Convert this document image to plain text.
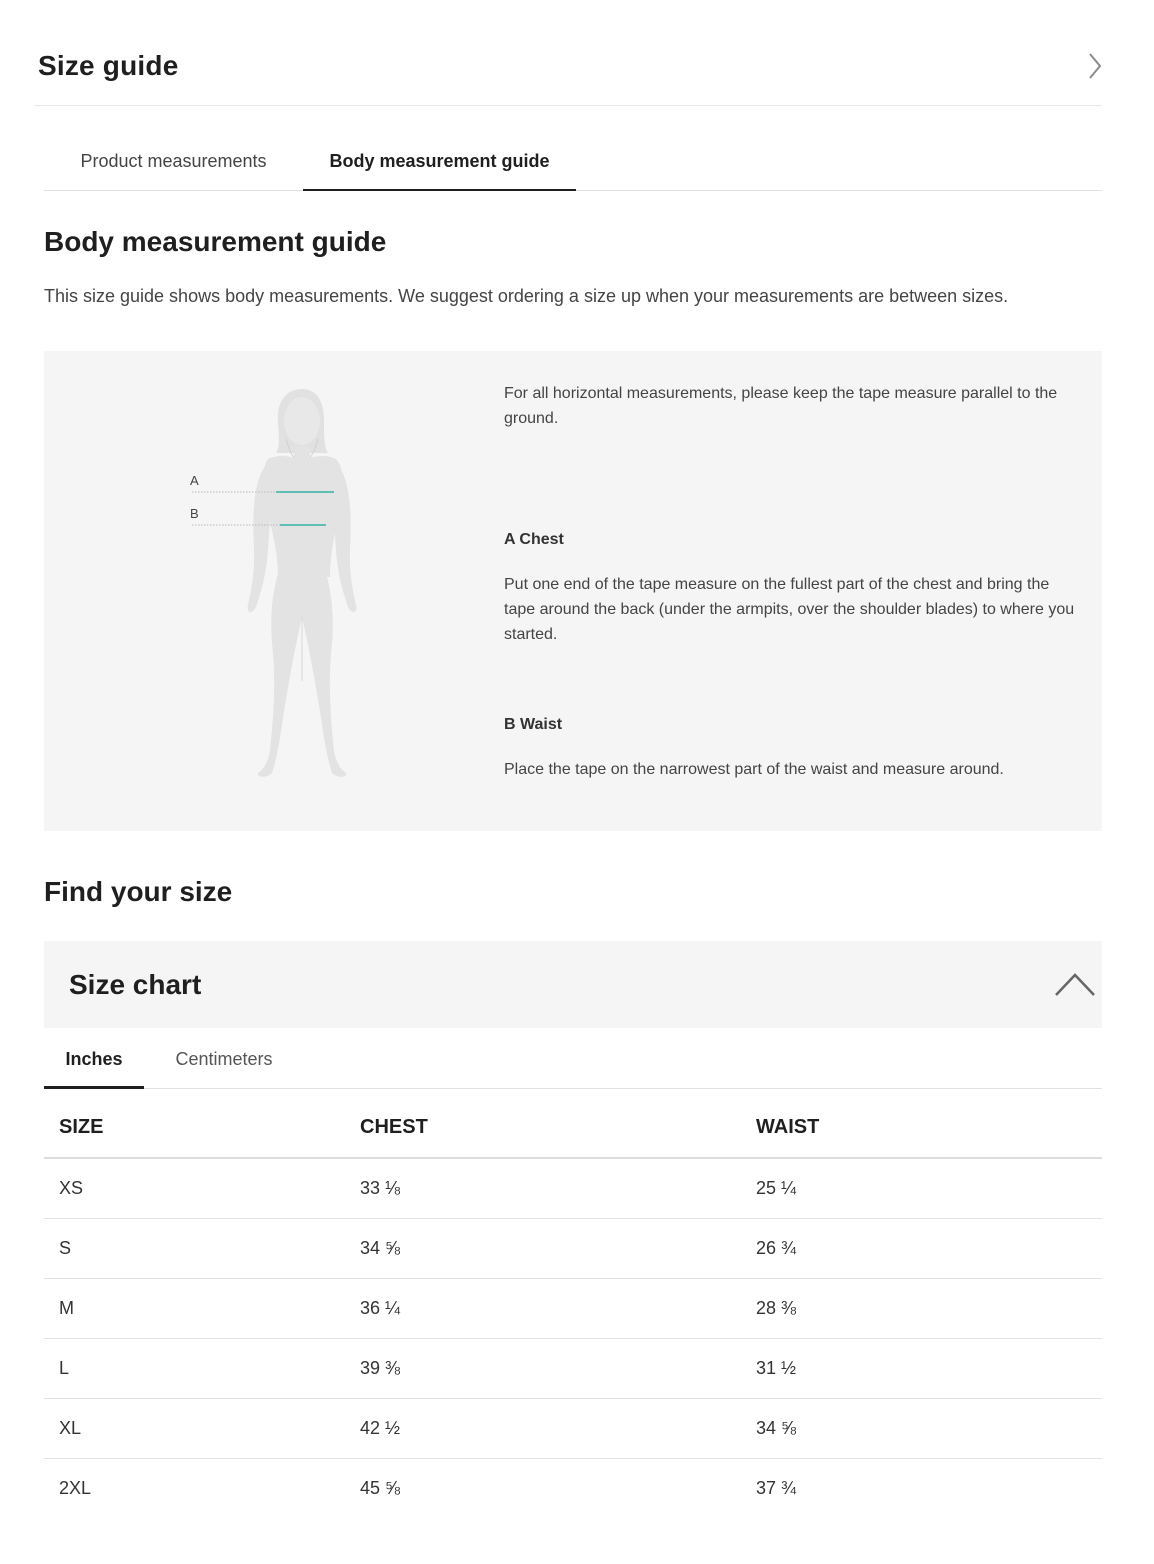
Size guide
Product measurements	Body measurement guide
Body measurement guide

This size guide shows body measurements. We suggest ordering a size up when your measurements are between sizes.

A
B

For all horizontal measurements, please keep the tape measure parallel to the ground.

A Chest

Put one end of the tape measure on the fullest part of the chest and bring the tape around the back (under the armpits, over the shoulder blades) to where you started.

B Waist

Place the tape on the narrowest part of the waist and measure around.

Find your size
Size chart
Inches	Centimeters
SIZE	CHEST	WAIST
XS	33 ⅛	25 ¼
S	34 ⅝	26 ¾
M	36 ¼	28 ⅜
L	39 ⅜	31 ½
XL	42 ½	34 ⅝
2XL	45 ⅝	37 ¾
